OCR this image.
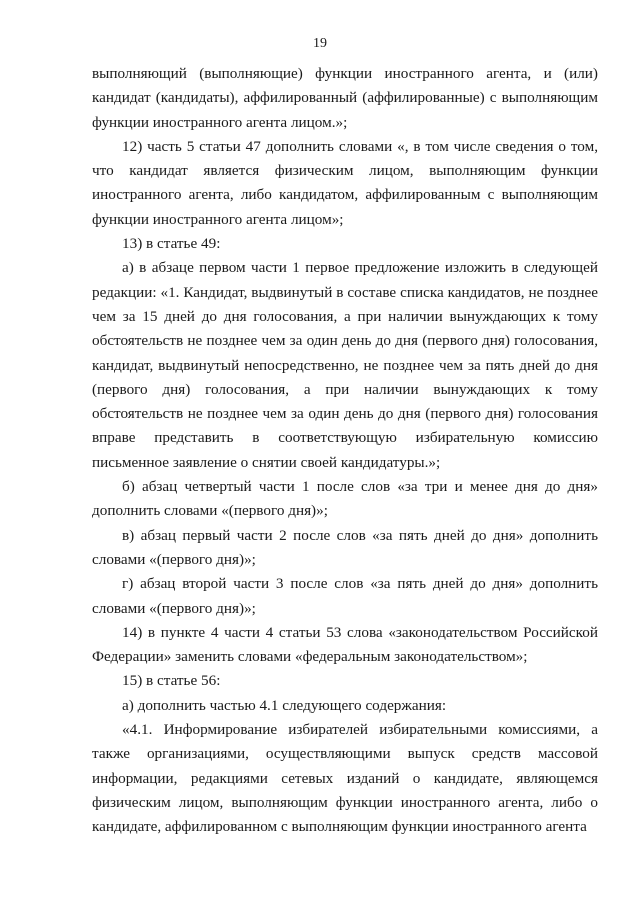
19

выполняющий (выполняющие) функции иностранного агента, и (или) кандидат (кандидаты), аффилированный (аффилированные) с выполняющим функции иностранного агента лицом.»;

12) часть 5 статьи 47 дополнить словами «, в том числе сведения о том, что кандидат является физическим лицом, выполняющим функции иностранного агента, либо кандидатом, аффилированным с выполняющим функции иностранного агента лицом»;

13) в статье 49:

а) в абзаце первом части 1 первое предложение изложить в следующей редакции: «1. Кандидат, выдвинутый в составе списка кандидатов, не позднее чем за 15 дней до дня голосования, а при наличии вынуждающих к тому обстоятельств не позднее чем за один день до дня (первого дня) голосования, кандидат, выдвинутый непосредственно, не позднее чем за пять дней до дня (первого дня) голосования, а при наличии вынуждающих к тому обстоятельств не позднее чем за один день до дня (первого дня) голосования вправе представить в соответствующую избирательную комиссию письменное заявление о снятии своей кандидатуры.»;

б) абзац четвертый части 1 после слов «за три и менее дня до дня» дополнить словами «(первого дня)»;

в) абзац первый части 2 после слов «за пять дней до дня» дополнить словами «(первого дня)»;

г) абзац второй части 3 после слов «за пять дней до дня» дополнить словами «(первого дня)»;

14) в пункте 4 части 4 статьи 53 слова «законодательством Российской Федерации» заменить словами «федеральным законодательством»;

15) в статье 56:

а) дополнить частью 4.1 следующего содержания:

«4.1. Информирование избирателей избирательными комиссиями, а также организациями, осуществляющими выпуск средств массовой информации, редакциями сетевых изданий о кандидате, являющемся физическим лицом, выполняющим функции иностранного агента, либо о кандидате, аффилированном с выполняющим функции иностранного агента
